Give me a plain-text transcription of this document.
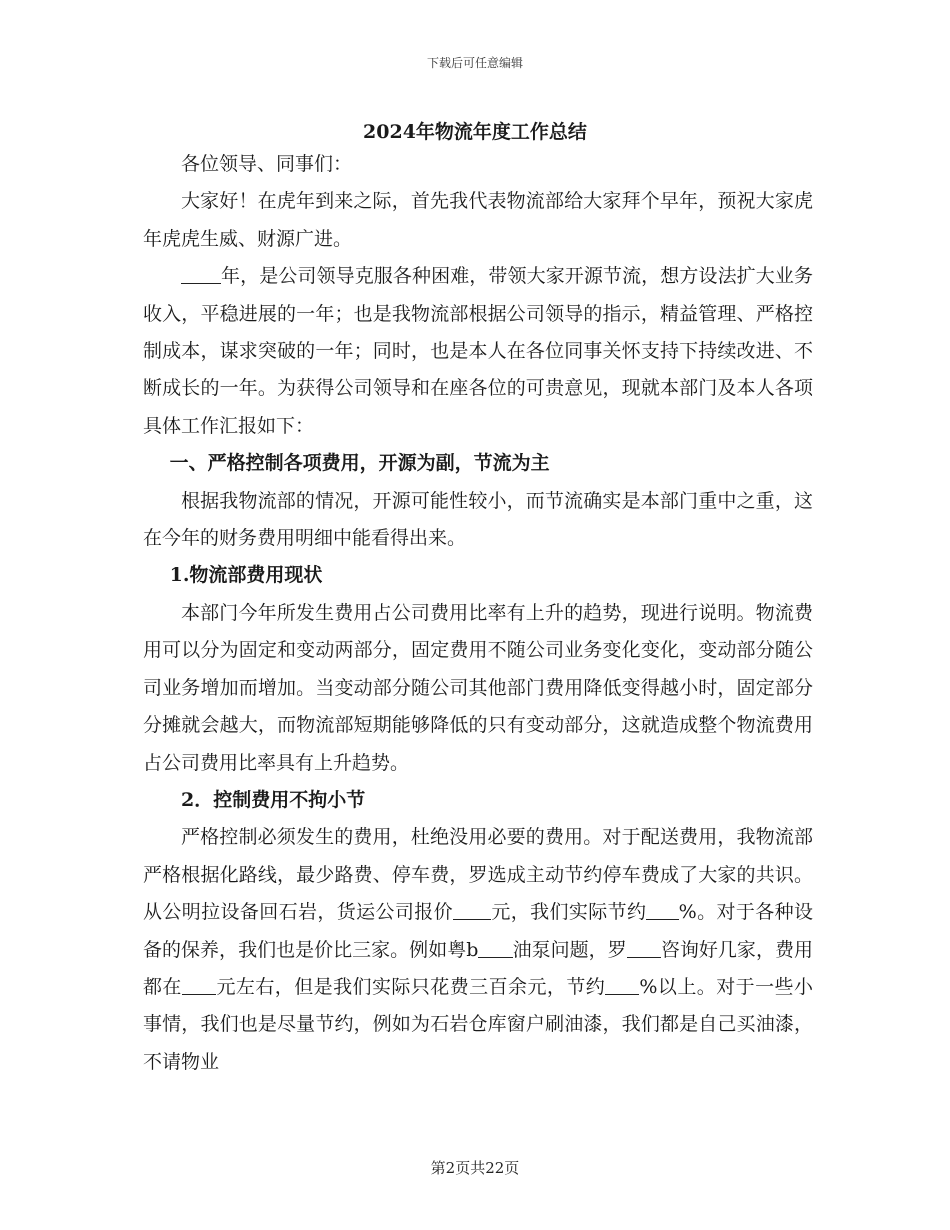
下载后可任意编辑
2024年物流年度工作总结

各位领导、同事们：

大家好！在虎年到来之际，首先我代表物流部给大家拜个早年，预祝大家虎年虎虎生威、财源广进。

年，是公司领导克服各种困难，带领大家开源节流，想方设法扩大业务收入，平稳进展的一年；也是我物流部根据公司领导的指示，精益管理、严格控制成本，谋求突破的一年；同时，也是本人在各位同事关怀支持下持续改进、不断成长的一年。为获得公司领导和在座各位的可贵意见，现就本部门及本人各项具体工作汇报如下：

一、严格控制各项费用，开源为副，节流为主

根据我物流部的情况，开源可能性较小，而节流确实是本部门重中之重，这在今年的财务费用明细中能看得出来。

1.物流部费用现状

本部门今年所发生费用占公司费用比率有上升的趋势，现进行说明。物流费用可以分为固定和变动两部分，固定费用不随公司业务变化变化，变动部分随公司业务增加而增加。当变动部分随公司其他部门费用降低变得越小时，固定部分分摊就会越大，而物流部短期能够降低的只有变动部分，这就造成整个物流费用占公司费用比率具有上升趋势。

2．控制费用不拘小节

严格控制必须发生的费用，杜绝没用必要的费用。对于配送费用，我物流部严格根据化路线，最少路费、停车费，罗选成主动节约停车费成了大家的共识。从公明拉设备回石岩，货运公司报价 元，我们实际节约 %。对于各种设备的保养，我们也是价比三家。例如粤b 油泵问题，罗 咨询好几家，费用都在 元左右，但是我们实际只花费三百余元，节约 %以上。对于一些小事情，我们也是尽量节约，例如为石岩仓库窗户刷油漆，我们都是自己买油漆，不请物业

第2页共22页
